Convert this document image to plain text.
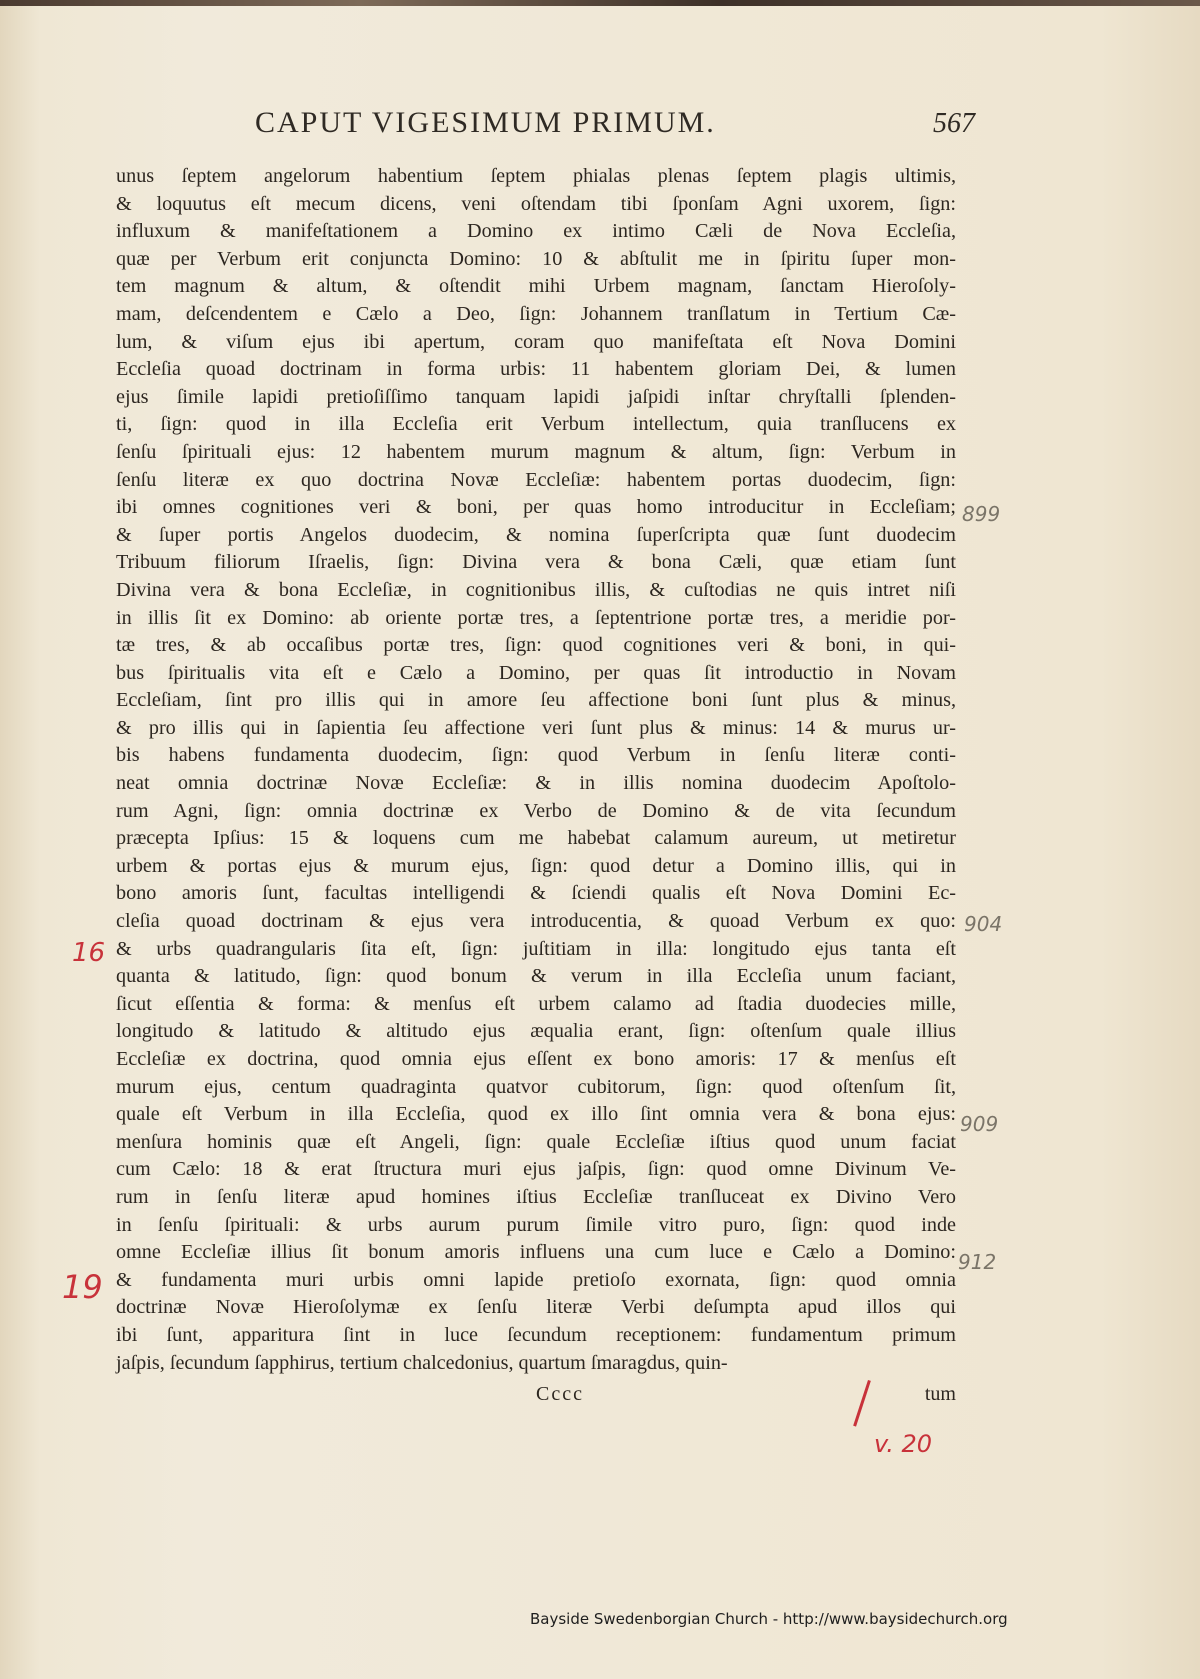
CAPUT VIGESIMUM PRIMUM.	567
unus ſeptem angelorum habentium ſeptem phialas plenas ſeptem plagis ultimis,
& loquutus eſt mecum dicens, veni oſtendam tibi ſponſam Agni uxorem, ſign:
influxum & manifeſtationem a Domino ex intimo Cæli de Nova Eccleſia,
quæ per Verbum erit conjuncta Domino: 10 & abſtulit me in ſpiritu ſuper mon-
tem magnum & altum, & oſtendit mihi Urbem magnam, ſanctam Hieroſoly-
mam, deſcendentem e Cælo a Deo, ſign: Johannem tranſlatum in Tertium Cæ-
lum, & viſum ejus ibi apertum, coram quo manifeſtata eſt Nova Domini
Eccleſia quoad doctrinam in forma urbis: 11 habentem gloriam Dei, & lumen
ejus ſimile lapidi pretioſiſſimo tanquam lapidi jaſpidi inſtar chryſtalli ſplenden-
ti, ſign: quod in illa Eccleſia erit Verbum intellectum, quia tranſlucens ex
ſenſu ſpirituali ejus: 12 habentem murum magnum & altum, ſign: Verbum in
ſenſu literæ ex quo doctrina Novæ Eccleſiæ: habentem portas duodecim, ſign:
ibi omnes cognitiones veri & boni, per quas homo introducitur in Eccleſiam;
& ſuper portis Angelos duodecim, & nomina ſuperſcripta quæ ſunt duodecim
Tribuum filiorum Iſraelis, ſign: Divina vera & bona Cæli, quæ etiam ſunt
Divina vera & bona Eccleſiæ, in cognitionibus illis, & cuſtodias ne quis intret niſi
in illis ſit ex Domino: ab oriente portæ tres, a ſeptentrione portæ tres, a meridie por-
tæ tres, & ab occaſibus portæ tres, ſign: quod cognitiones veri & boni, in qui-
bus ſpiritualis vita eſt e Cælo a Domino, per quas ſit introductio in Novam
Eccleſiam, ſint pro illis qui in amore ſeu affectione boni ſunt plus & minus,
& pro illis qui in ſapientia ſeu affectione veri ſunt plus & minus: 14 & murus ur-
bis habens fundamenta duodecim, ſign: quod Verbum in ſenſu literæ conti-
neat omnia doctrinæ Novæ Eccleſiæ: & in illis nomina duodecim Apoſtolo-
rum Agni, ſign: omnia doctrinæ ex Verbo de Domino & de vita ſecundum
præcepta Ipſius: 15 & loquens cum me habebat calamum aureum, ut metiretur
urbem & portas ejus & murum ejus, ſign: quod detur a Domino illis, qui in
bono amoris ſunt, facultas intelligendi & ſciendi qualis eſt Nova Domini Ec-
cleſia quoad doctrinam & ejus vera introducentia, & quoad Verbum ex quo:
& urbs quadrangularis ſita eſt, ſign: juſtitiam in illa: longitudo ejus tanta eſt
quanta & latitudo, ſign: quod bonum & verum in illa Eccleſia unum faciant,
ſicut eſſentia & forma: & menſus eſt urbem calamo ad ſtadia duodecies mille,
longitudo & latitudo & altitudo ejus æqualia erant, ſign: oſtenſum quale illius
Eccleſiæ ex doctrina, quod omnia ejus eſſent ex bono amoris: 17 & menſus eſt
murum ejus, centum quadraginta quatvor cubitorum, ſign: quod oſtenſum ſit,
quale eſt Verbum in illa Eccleſia, quod ex illo ſint omnia vera & bona ejus:
menſura hominis quæ eſt Angeli, ſign: quale Eccleſiæ iſtius quod unum faciat
cum Cælo: 18 & erat ſtructura muri ejus jaſpis, ſign: quod omne Divinum Ve-
rum in ſenſu literæ apud homines iſtius Eccleſiæ tranſluceat ex Divino Vero
in ſenſu ſpirituali: & urbs aurum purum ſimile vitro puro, ſign: quod inde
omne Eccleſiæ illius ſit bonum amoris influens una cum luce e Cælo a Domino:
& fundamenta muri urbis omni lapide pretioſo exornata, ſign: quod omnia
doctrinæ Novæ Hieroſolymæ ex ſenſu literæ Verbi deſumpta apud illos qui
ibi ſunt, apparitura ſint in luce ſecundum receptionem: fundamentum primum
jaſpis, ſecundum ſapphirus, tertium chalcedonius, quartum ſmaragdus, quin-
Cccc	tum
16
19
v. 20
899
904
909
912
Bayside Swedenborgian Church - http://www.baysidechurch.org
